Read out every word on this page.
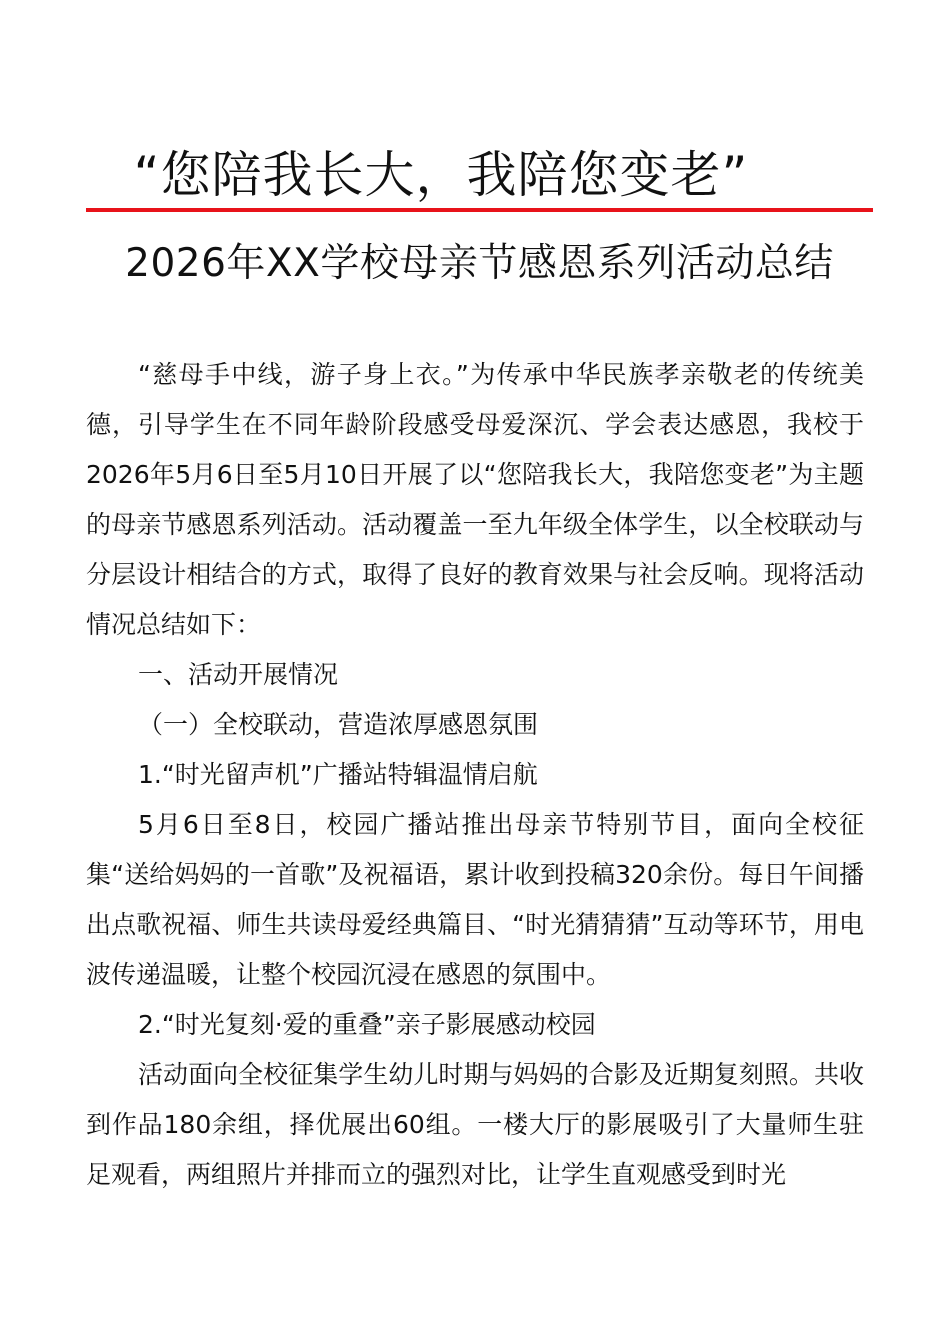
“您陪我长大，我陪您变老”
2026年XX学校母亲节感恩系列活动总结

“慈母手中线，游子身上衣。”为传承中华民族孝亲敬老的传统美德，引导学生在不同年龄阶段感受母爱深沉、学会表达感恩，我校于2026年5月6日至5月10日开展了以“您陪我长大，我陪您变老”为主题的母亲节感恩系列活动。活动覆盖一至九年级全体学生，以全校联动与分层设计相结合的方式，取得了良好的教育效果与社会反响。现将活动情况总结如下：

一、活动开展情况

（一）全校联动，营造浓厚感恩氛围

1.“时光留声机”广播站特辑温情启航

5月6日至8日，校园广播站推出母亲节特别节目，面向全校征集“送给妈妈的一首歌”及祝福语，累计收到投稿320余份。每日午间播出点歌祝福、师生共读母爱经典篇目、“时光猜猜猜”互动等环节，用电波传递温暖，让整个校园沉浸在感恩的氛围中。

2.“时光复刻·爱的重叠”亲子影展感动校园

活动面向全校征集学生幼儿时期与妈妈的合影及近期复刻照。共收到作品180余组，择优展出60组。一楼大厅的影展吸引了大量师生驻足观看，两组照片并排而立的强烈对比，让学生直观感受到时光
